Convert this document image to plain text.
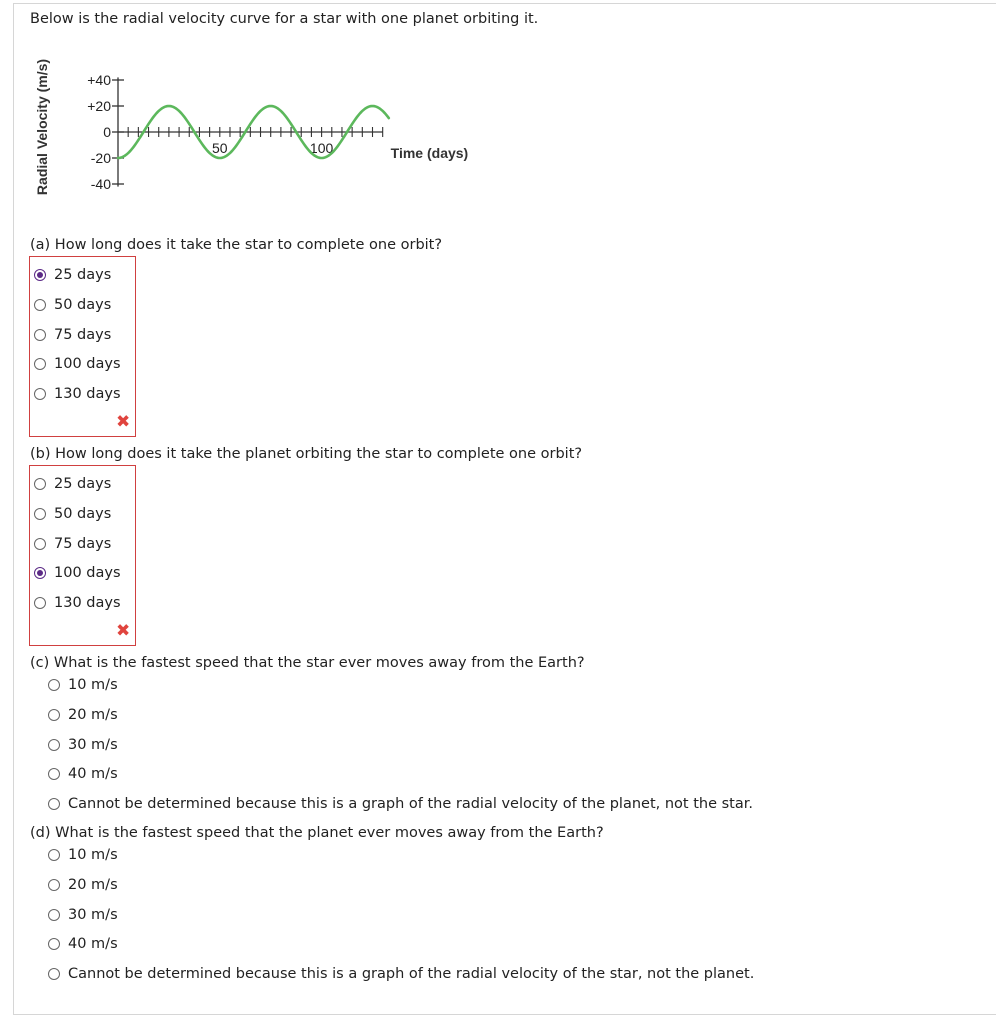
Below is the radial velocity curve for a star with one planet orbiting it.
Radial Velocity (m/s)	+40
+20
0
-20
-40
50	100	Time (days)
(a) How long does it take the star to complete one orbit?
25 days
50 days
75 days
100 days
130 days
✖
(b) How long does it take the planet orbiting the star to complete one orbit?
25 days
50 days
75 days
100 days
130 days
✖
(c) What is the fastest speed that the star ever moves away from the Earth?
10 m/s
20 m/s
30 m/s
40 m/s
Cannot be determined because this is a graph of the radial velocity of the planet, not the star.
(d) What is the fastest speed that the planet ever moves away from the Earth?
10 m/s
20 m/s
30 m/s
40 m/s
Cannot be determined because this is a graph of the radial velocity of the star, not the planet.
